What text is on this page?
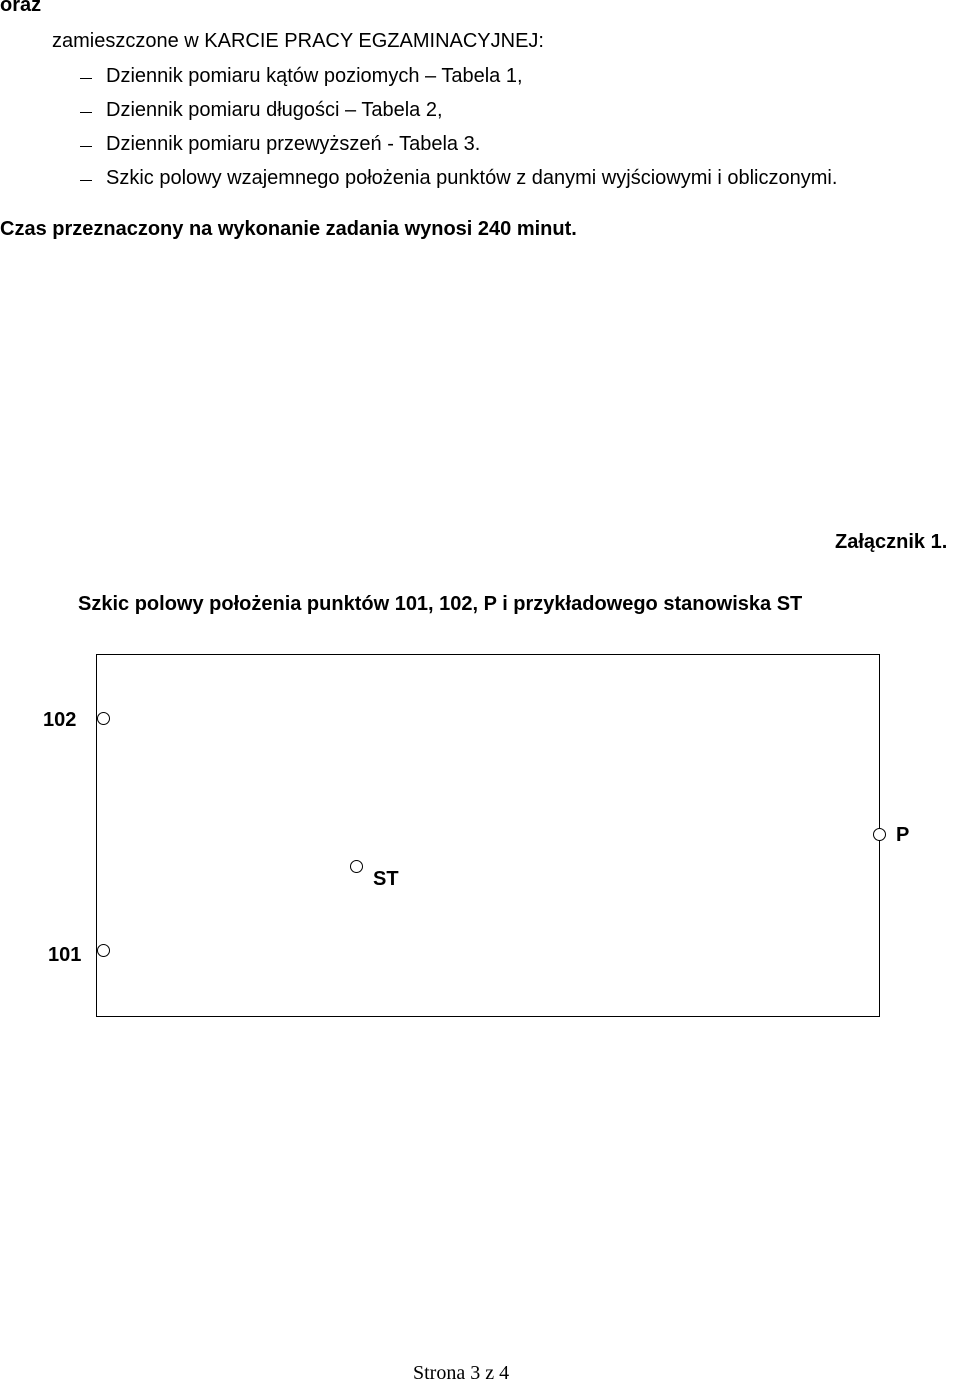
oraz
zamieszczone w KARCIE PRACY EGZAMINACYJNEJ:
Dziennik pomiaru kątów poziomych – Tabela 1,
Dziennik pomiaru długości – Tabela 2,
Dziennik pomiaru przewyższeń - Tabela 3.
Szkic polowy wzajemnego położenia punktów z danymi wyjściowymi i obliczonymi.
Czas przeznaczony na wykonanie zadania wynosi 240 minut.
Załącznik 1.
Szkic polowy położenia punktów 101, 102, P i przykładowego stanowiska ST
102
ST
P
101
Strona 3 z 4
